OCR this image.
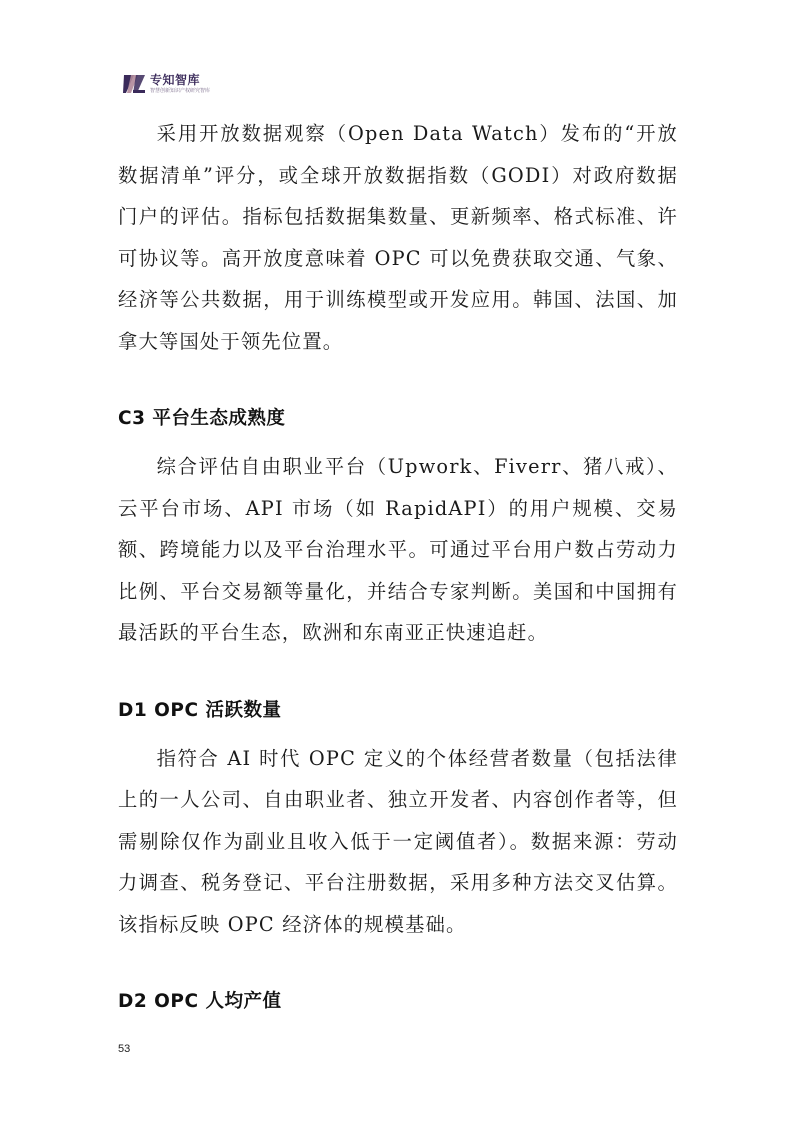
专知智库
智慧创新知识产权研究智库

采用开放数据观察（Open Data Watch）发布的“开放数据清单”评分，或全球开放数据指数（GODI）对政府数据门户的评估。指标包括数据集数量、更新频率、格式标准、许可协议等。高开放度意味着 OPC 可以免费获取交通、气象、经济等公共数据，用于训练模型或开发应用。韩国、法国、加拿大等国处于领先位置。

C3 平台生态成熟度

综合评估自由职业平台（Upwork、Fiverr、猪八戒）、云平台市场、API 市场（如 RapidAPI）的用户规模、交易额、跨境能力以及平台治理水平。可通过平台用户数占劳动力比例、平台交易额等量化，并结合专家判断。美国和中国拥有最活跃的平台生态，欧洲和东南亚正快速追赶。

D1 OPC 活跃数量

指符合 AI 时代 OPC 定义的个体经营者数量（包括法律上的一人公司、自由职业者、独立开发者、内容创作者等，但需剔除仅作为副业且收入低于一定阈值者）。数据来源：劳动力调查、税务登记、平台注册数据，采用多种方法交叉估算。该指标反映 OPC 经济体的规模基础。

D2 OPC 人均产值
53
